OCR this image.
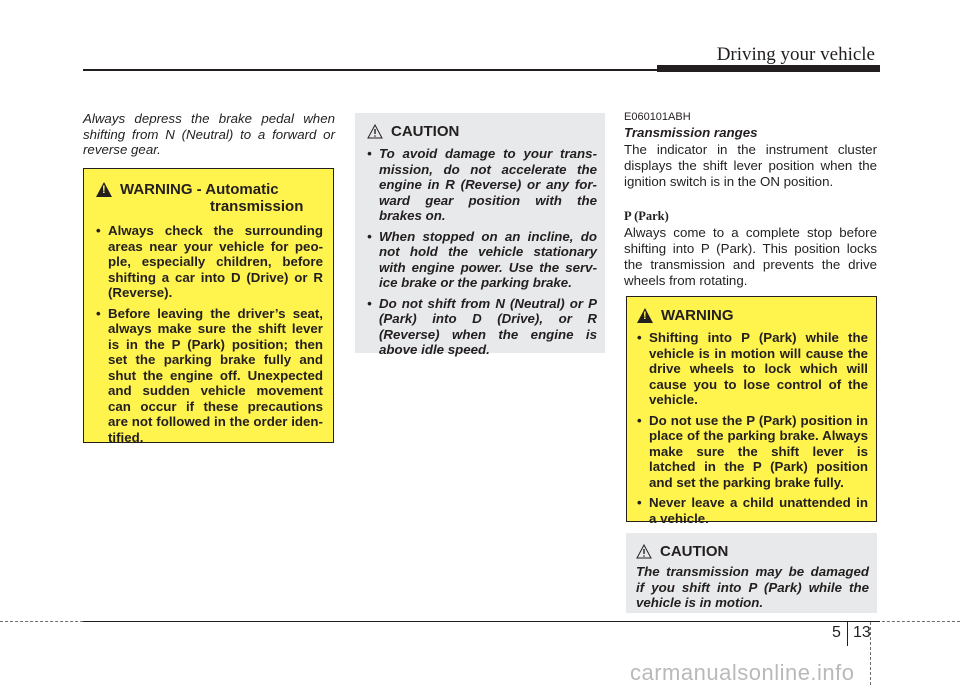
Driving your vehicle
Always depress the brake pedal when shifting from N (Neutral) to a forward or reverse gear.
!
WARNING - Automatic
transmission
• Always check the surrounding areas near your vehicle for peo-ple, especially children, before shifting a car into D (Drive) or R (Reverse).
• Before leaving the driver’s seat, always make sure the shift lever is in the P (Park) position; then set the parking brake fully and shut the engine off. Unexpected and sudden vehicle movement can occur if these precautions are not followed in the order iden-tified.
CAUTION
• To avoid damage to your trans-mission, do not accelerate the engine in R (Reverse) or any for-ward gear position with the brakes on.
• When stopped on an incline, do not hold the vehicle stationary with engine power. Use the serv-ice brake or the parking brake.
• Do not shift from N (Neutral) or P (Park) into D (Drive), or R (Reverse) when the engine is above idle speed.
E060101ABH
Transmission ranges
The indicator in the instrument cluster displays the shift lever position when the ignition switch is in the ON position.
P (Park)
Always come to a complete stop before shifting into P (Park). This position locks the transmission and prevents the drive wheels from rotating.
!
WARNING
• Shifting into P (Park) while the vehicle is in motion will cause the drive wheels to lock which will cause you to lose control of the vehicle.
• Do not use the P (Park) position in place of the parking brake. Always make sure the shift lever is latched in the P (Park) position and set the parking brake fully.
• Never leave a child unattended in a vehicle.
CAUTION
The transmission may be damaged if you shift into P (Park) while the vehicle is in motion.
5 13
carmanualsonline.info
